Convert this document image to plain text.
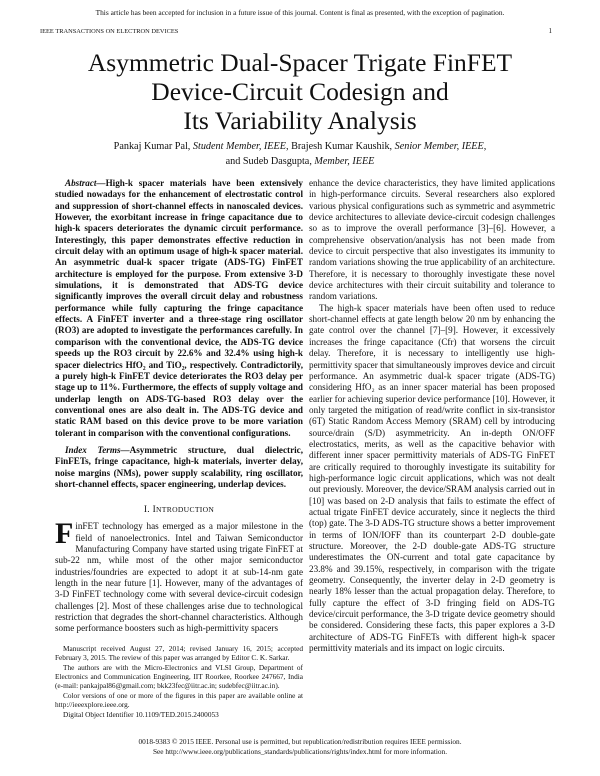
This article has been accepted for inclusion in a future issue of this journal. Content is final as presented, with the exception of pagination.
IEEE TRANSACTIONS ON ELECTRON DEVICES	1
Asymmetric Dual-Spacer Trigate FinFET
Device-Circuit Codesign and
Its Variability Analysis
Pankaj Kumar Pal, Student Member, IEEE, Brajesh Kumar Kaushik, Senior Member, IEEE,
and Sudeb Dasgupta, Member, IEEE

Abstract—High-k spacer materials have been extensively studied nowadays for the enhancement of electrostatic control and suppression of short-channel effects in nanoscaled devices. However, the exorbitant increase in fringe capacitance due to high-k spacers deteriorates the dynamic circuit performance. Interestingly, this paper demonstrates effective reduction in circuit delay with an optimum usage of high-k spacer material. An asymmetric dual-k spacer trigate (ADS-TG) FinFET architecture is employed for the purpose. From extensive 3-D simulations, it is demonstrated that ADS-TG device significantly improves the overall circuit delay and robustness performance while fully capturing the fringe capacitance effects. A FinFET inverter and a three-stage ring oscillator (RO3) are adopted to investigate the performances carefully. In comparison with the conventional device, the ADS-TG device speeds up the RO3 circuit by 22.6% and 32.4% using high-k spacer dielectrics HfO₂ and TiO₂, respectively. Contradictorily, a purely high-k FinFET device deteriorates the RO3 delay per stage up to 11%. Furthermore, the effects of supply voltage and underlap length on ADS-TG-based RO3 delay over the conventional ones are also dealt in. The ADS-TG device and static RAM based on this device prove to be more variation tolerant in comparison with the conventional configurations.

Index Terms—Asymmetric structure, dual dielectric, FinFETs, fringe capacitance, high-k materials, inverter delay, noise margins (NMs), power supply scalability, ring oscillator, short-channel effects, spacer engineering, underlap devices.

I. INTRODUCTION

FinFET technology has emerged as a major milestone in the field of nanoelectronics. Intel and Taiwan Semiconductor Manufacturing Company have started using trigate FinFET at sub-22 nm, while most of the other major semiconductor industries/foundries are expected to adopt it at sub-14-nm gate length in the near future [1]. However, many of the advantages of 3-D FinFET technology come with several device-circuit codesign challenges [2]. Most of these challenges arise due to technological restriction that degrades the short-channel characteristics. Although some performance boosters such as high-permittivity spacers

Manuscript received August 27, 2014; revised January 16, 2015; accepted February 3, 2015. The review of this paper was arranged by Editor C. K. Sarkar.

The authors are with the Micro-Electronics and VLSI Group, Department of Electronics and Communication Engineering, IIT Roorkee, Roorkee 247667, India (e-mail: pankajpal86@gmail.com; bkk23fec@iitr.ac.in; sudebfec@iitr.ac.in).

Color versions of one or more of the figures in this paper are available online at http://ieeexplore.ieee.org.

Digital Object Identifier 10.1109/TED.2015.2400053

enhance the device characteristics, they have limited applications in high-performance circuits. Several researchers also explored various physical configurations such as symmetric and asymmetric device architectures to alleviate device-circuit codesign challenges so as to improve the overall performance [3]–[6]. However, a comprehensive observation/analysis has not been made from device to circuit perspective that also investigates its immunity to random variations showing the true applicability of an architecture. Therefore, it is necessary to thoroughly investigate these novel device architectures with their circuit suitability and tolerance to random variations.

The high-k spacer materials have been often used to reduce short-channel effects at gate length below 20 nm by enhancing the gate control over the channel [7]–[9]. However, it excessively increases the fringe capacitance (Cfr) that worsens the circuit delay. Therefore, it is necessary to intelligently use high-permittivity spacer that simultaneously improves device and circuit performance. An asymmetric dual-k spacer trigate (ADS-TG) considering HfO₂ as an inner spacer material has been proposed earlier for achieving superior device performance [10]. However, it only targeted the mitigation of read/write conflict in six-transistor (6T) Static Random Access Memory (SRAM) cell by introducing source/drain (S/D) asymmetricity. An in-depth ON/OFF electrostatics, merits, as well as the capacitive behavior with different inner spacer permittivity materials of ADS-TG FinFET are critically required to thoroughly investigate its suitability for high-performance logic circuit applications, which was not dealt out previously. Moreover, the device/SRAM analysis carried out in [10] was based on 2-D analysis that fails to estimate the effect of actual trigate FinFET device accurately, since it neglects the third (top) gate. The 3-D ADS-TG structure shows a better improvement in terms of ION/IOFF than its counterpart 2-D double-gate structure. Moreover, the 2-D double-gate ADS-TG structure underestimates the ON-current and total gate capacitance by 23.8% and 39.15%, respectively, in comparison with the trigate geometry. Consequently, the inverter delay in 2-D geometry is nearly 18% lesser than the actual propagation delay. Therefore, to fully capture the effect of 3-D fringing field on ADS-TG device/circuit performance, the 3-D trigate device geometry should be considered. Considering these facts, this paper explores a 3-D architecture of ADS-TG FinFETs with different high-k spacer permittivity materials and its impact on logic circuits.

0018-9383 © 2015 IEEE. Personal use is permitted, but republication/redistribution requires IEEE permission.
See http://www.ieee.org/publications_standards/publications/rights/index.html for more information.
